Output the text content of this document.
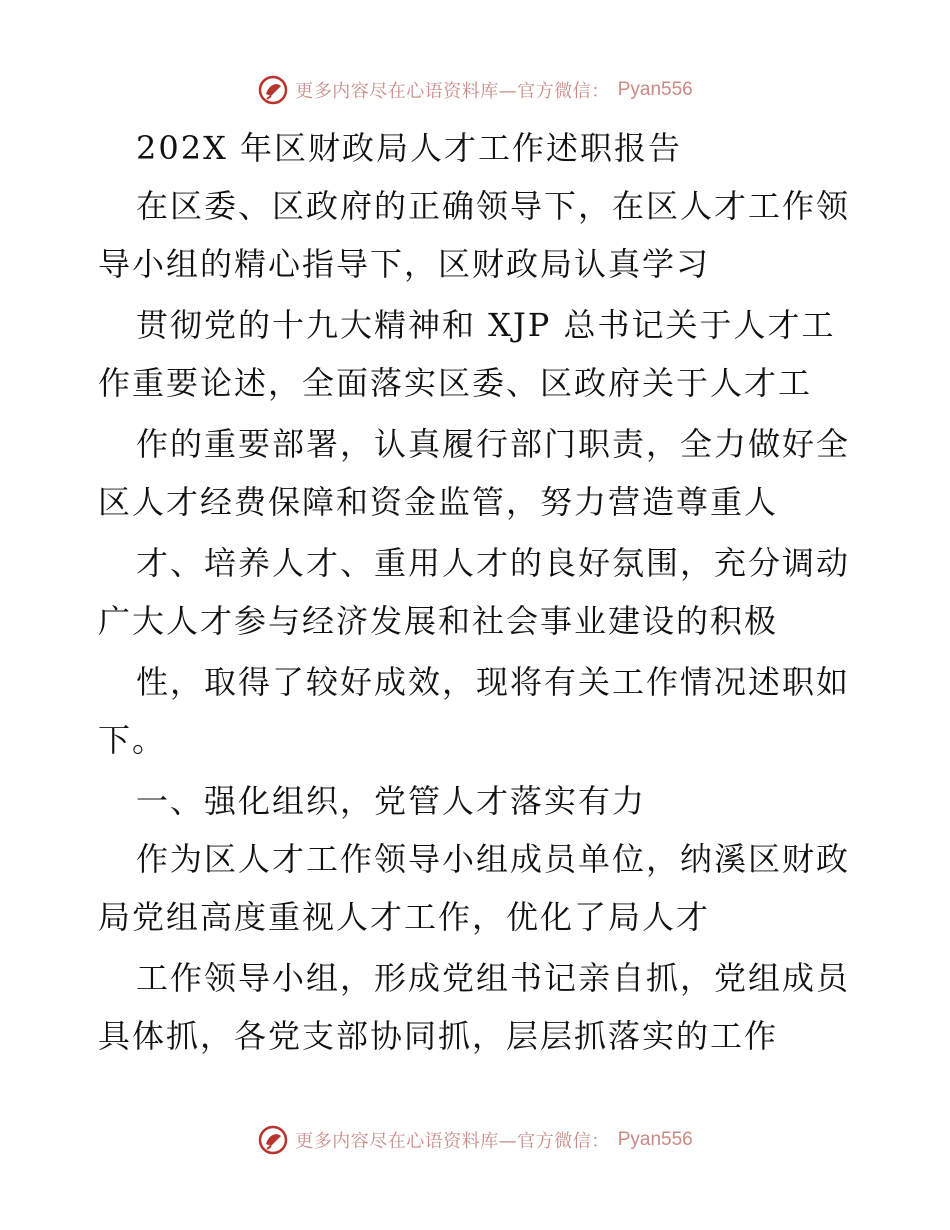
更多内容尽在心语资料库—官方微信： Pyan556
202X 年区财政局人才工作述职报告
在区委、区政府的正确领导下，在区人才工作领
导小组的精心指导下，区财政局认真学习
贯彻党的十九大精神和 XJP 总书记关于人才工
作重要论述，全面落实区委、区政府关于人才工
作的重要部署，认真履行部门职责，全力做好全
区人才经费保障和资金监管，努力营造尊重人
才、培养人才、重用人才的良好氛围，充分调动
广大人才参与经济发展和社会事业建设的积极
性，取得了较好成效，现将有关工作情况述职如
下。
一、强化组织，党管人才落实有力
作为区人才工作领导小组成员单位，纳溪区财政
局党组高度重视人才工作，优化了局人才
工作领导小组，形成党组书记亲自抓，党组成员
具体抓，各党支部协同抓，层层抓落实的工作
更多内容尽在心语资料库—官方微信： Pyan556
